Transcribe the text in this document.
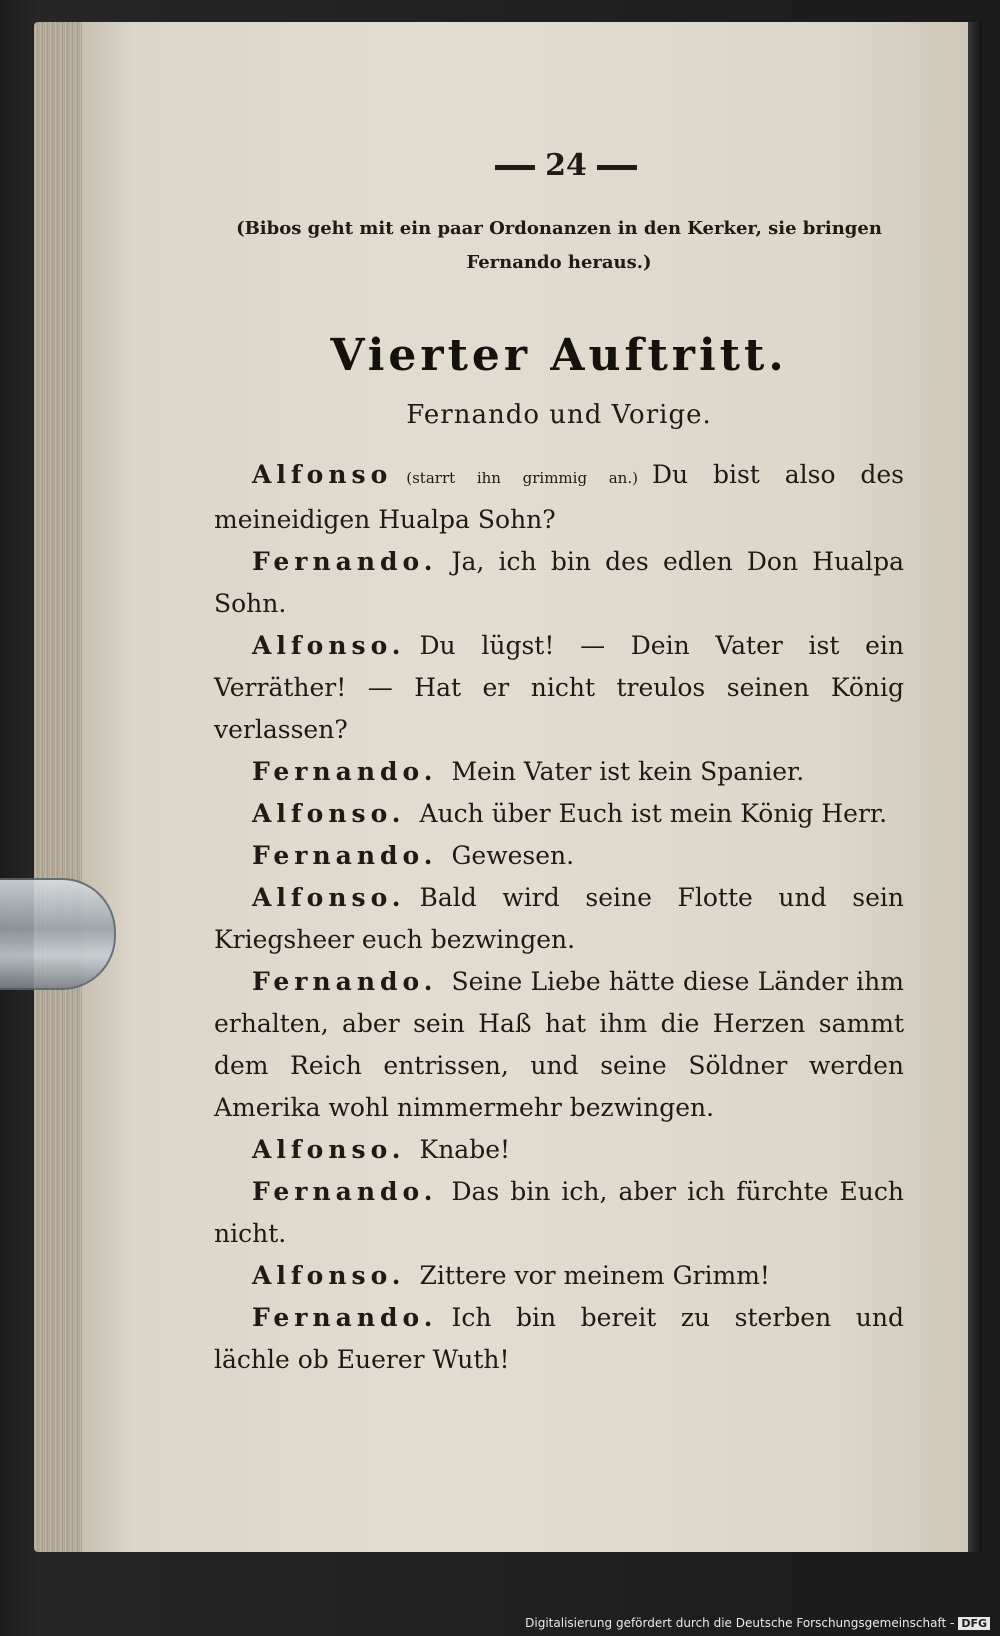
24
(Bibos geht mit ein paar Ordonanzen in den Kerker, sie bringen Fernando heraus.)
Vierter Auftritt.
Fernando und Vorige.

Alfonso (starrt ihn grimmig an.) Du bist also des meineidigen Hualpa Sohn?

Fernando. Ja, ich bin des edlen Don Hualpa Sohn.

Alfonso. Du lügst! — Dein Vater ist ein Verräther! — Hat er nicht treulos seinen König verlassen?

Fernando. Mein Vater ist kein Spanier.

Alfonso. Auch über Euch ist mein König Herr.

Fernando. Gewesen.

Alfonso. Bald wird seine Flotte und sein Kriegsheer euch bezwingen.

Fernando. Seine Liebe hätte diese Länder ihm erhalten, aber sein Haß hat ihm die Herzen sammt dem Reich entrissen, und seine Söldner werden Amerika wohl nimmermehr bezwingen.

Alfonso. Knabe!

Fernando. Das bin ich, aber ich fürchte Euch nicht.

Alfonso. Zittere vor meinem Grimm!

Fernando. Ich bin bereit zu sterben und lächle ob Euerer Wuth!

Digitalisierung gefördert durch die Deutsche Forschungsgemeinschaft - DFG
